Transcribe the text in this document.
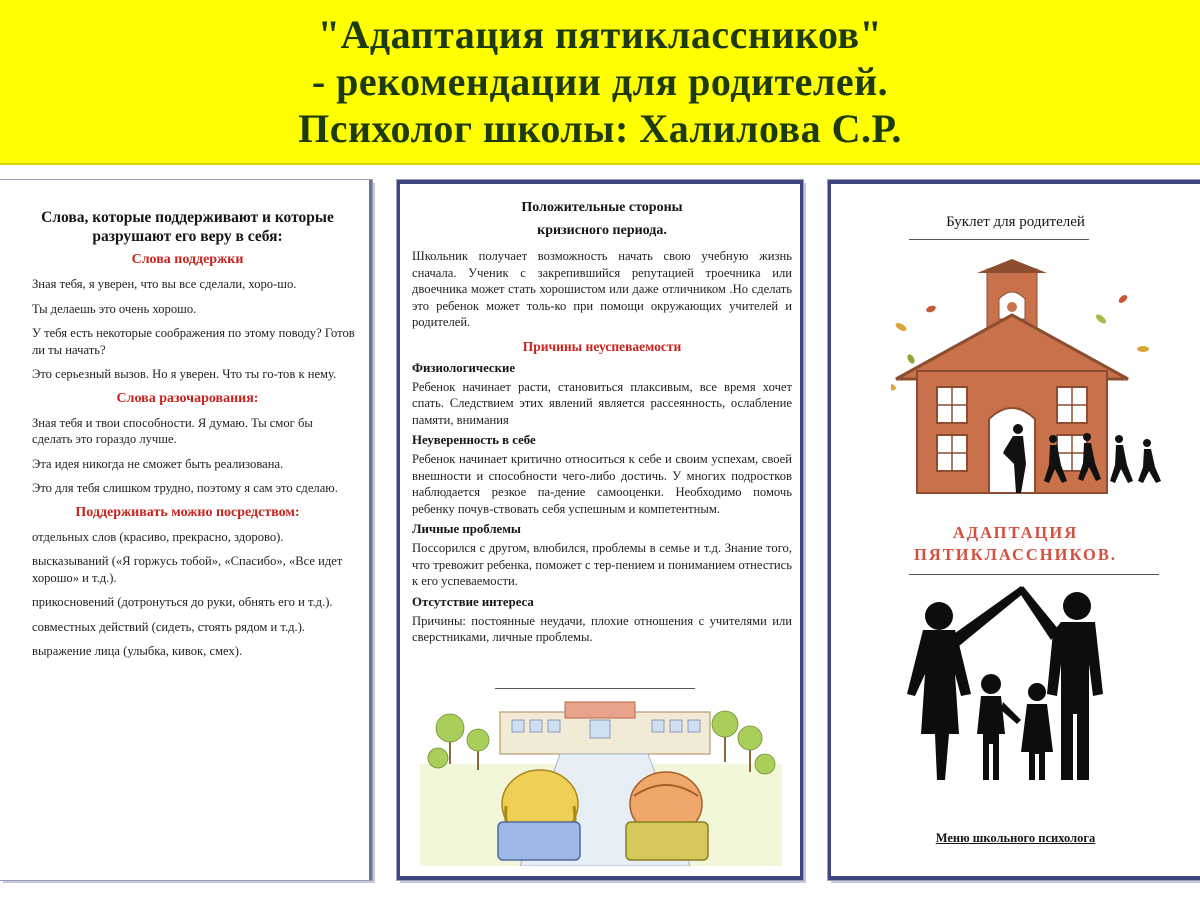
"Адаптация пятиклассников"
- рекомендации для родителей.
Психолог школы: Халилова С.Р.
Слова, которые поддерживают и которые разрушают его веру в себя:
Слова поддержки

Зная тебя, я уверен, что вы все сделали, хоро-шо.

Ты делаешь это очень хорошо.

У тебя есть некоторые соображения по этому поводу? Готов ли ты начать?

Это серьезный вызов. Но я уверен. Что ты го-тов к нему.

Слова разочарования:

Зная тебя и твои способности. Я думаю. Ты смог бы сделать это гораздо лучше.

Эта идея никогда не сможет быть реализована.

Это для тебя слишком трудно, поэтому я сам это сделаю.

Поддерживать можно посредством:

отдельных слов (красиво, прекрасно, здорово).

высказываний («Я горжусь тобой», «Спасибо», «Все идет хорошо» и т.д.).

прикосновений (дотронуться до руки, обнять его и т.д.).

совместных действий (сидеть, стоять рядом и т.д.).

выражение лица (улыбка, кивок, смех).

Положительные стороны
кризисного периода.

Школьник получает возможность начать свою учебную жизнь сначала. Ученик с закрепившийся репутацией троечника или двоечника может стать хорошистом или даже отличником .Но сделать это ребенок может толь-ко при помощи окружающих учителей и родителей.

Причины неуспеваемости
Физиологические

Ребенок начинает расти, становиться плаксивым, все время хочет спать. Следствием этих явлений является рассеянность, ослабление памяти, внимания

Неуверенность в себе

Ребенок начинает критично относиться к себе и своим успехам, своей внешности и способности чего-либо достичь. У многих подростков наблюдается резкое па-дение самооценки. Необходимо помочь ребенку почув-ствовать себя успешным и компетентным.

Личные проблемы

Поссорился с другом, влюбился, проблемы в семье и т.д. Знание того, что тревожит ребенка, поможет с тер-пением и пониманием отнестись к его успеваемости.

Отсутствие интереса

Причины: постоянные неудачи, плохие отношения с учителями или сверстниками, личные проблемы.

Буклет для родителей
АДАПТАЦИЯ
ПЯТИКЛАССНИКОВ.
Меню школьного психолога
